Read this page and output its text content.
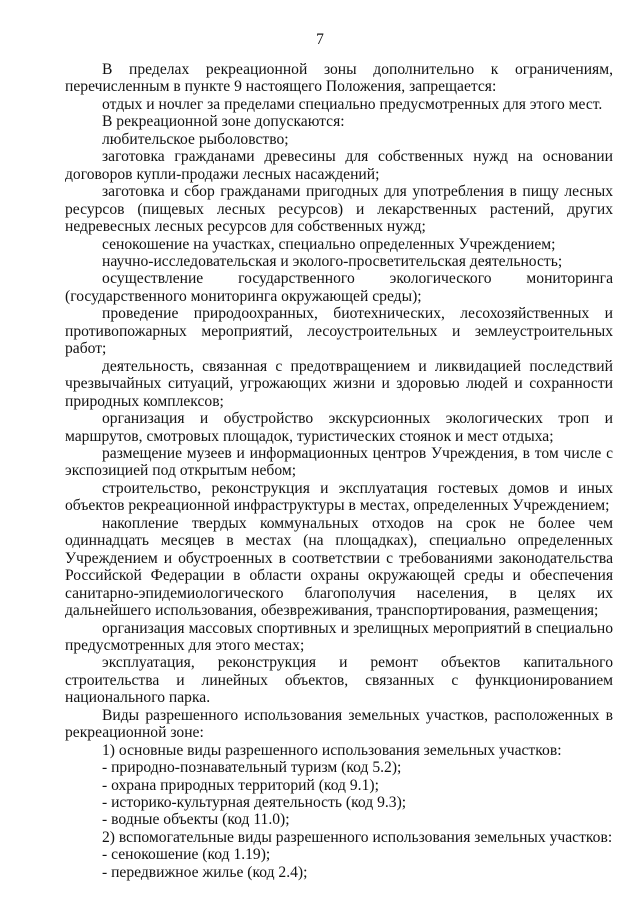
7

В пределах рекреационной зоны дополнительно к ограничениям, перечисленным в пункте 9 настоящего Положения, запрещается:

отдых и ночлег за пределами специально предусмотренных для этого мест.

В рекреационной зоне допускаются:

любительское рыболовство;

заготовка гражданами древесины для собственных нужд на основании договоров купли-продажи лесных насаждений;

заготовка и сбор гражданами пригодных для употребления в пищу лесных ресурсов (пищевых лесных ресурсов) и лекарственных растений, других недревесных лесных ресурсов для собственных нужд;

сенокошение на участках, специально определенных Учреждением;

научно-исследовательская и эколого-просветительская деятельность;

осуществление государственного экологического мониторинга (государственного мониторинга окружающей среды);

проведение природоохранных, биотехнических, лесохозяйственных и противопожарных мероприятий, лесоустроительных и землеустроительных работ;

деятельность, связанная с предотвращением и ликвидацией последствий чрезвычайных ситуаций, угрожающих жизни и здоровью людей и сохранности природных комплексов;

организация и обустройство экскурсионных экологических троп и маршрутов, смотровых площадок, туристических стоянок и мест отдыха;

размещение музеев и информационных центров Учреждения, в том числе с экспозицией под открытым небом;

строительство, реконструкция и эксплуатация гостевых домов и иных объектов рекреационной инфраструктуры в местах, определенных Учреждением;

накопление твердых коммунальных отходов на срок не более чем одиннадцать месяцев в местах (на площадках), специально определенных Учреждением и обустроенных в соответствии с требованиями законодательства Российской Федерации в области охраны окружающей среды и обеспечения санитарно-эпидемиологического благополучия населения, в целях их дальнейшего использования, обезвреживания, транспортирования, размещения;

организация массовых спортивных и зрелищных мероприятий в специально предусмотренных для этого местах;

эксплуатация, реконструкция и ремонт объектов капитального строительства и линейных объектов, связанных с функционированием национального парка.

Виды разрешенного использования земельных участков, расположенных в рекреационной зоне:

1) основные виды разрешенного использования земельных участков:

- природно-познавательный туризм (код 5.2);

- охрана природных территорий (код 9.1);

- историко-культурная деятельность (код 9.3);

- водные объекты (код 11.0);

2) вспомогательные виды разрешенного использования земельных участков:

- сенокошение (код 1.19);

- передвижное жилье (код 2.4);
